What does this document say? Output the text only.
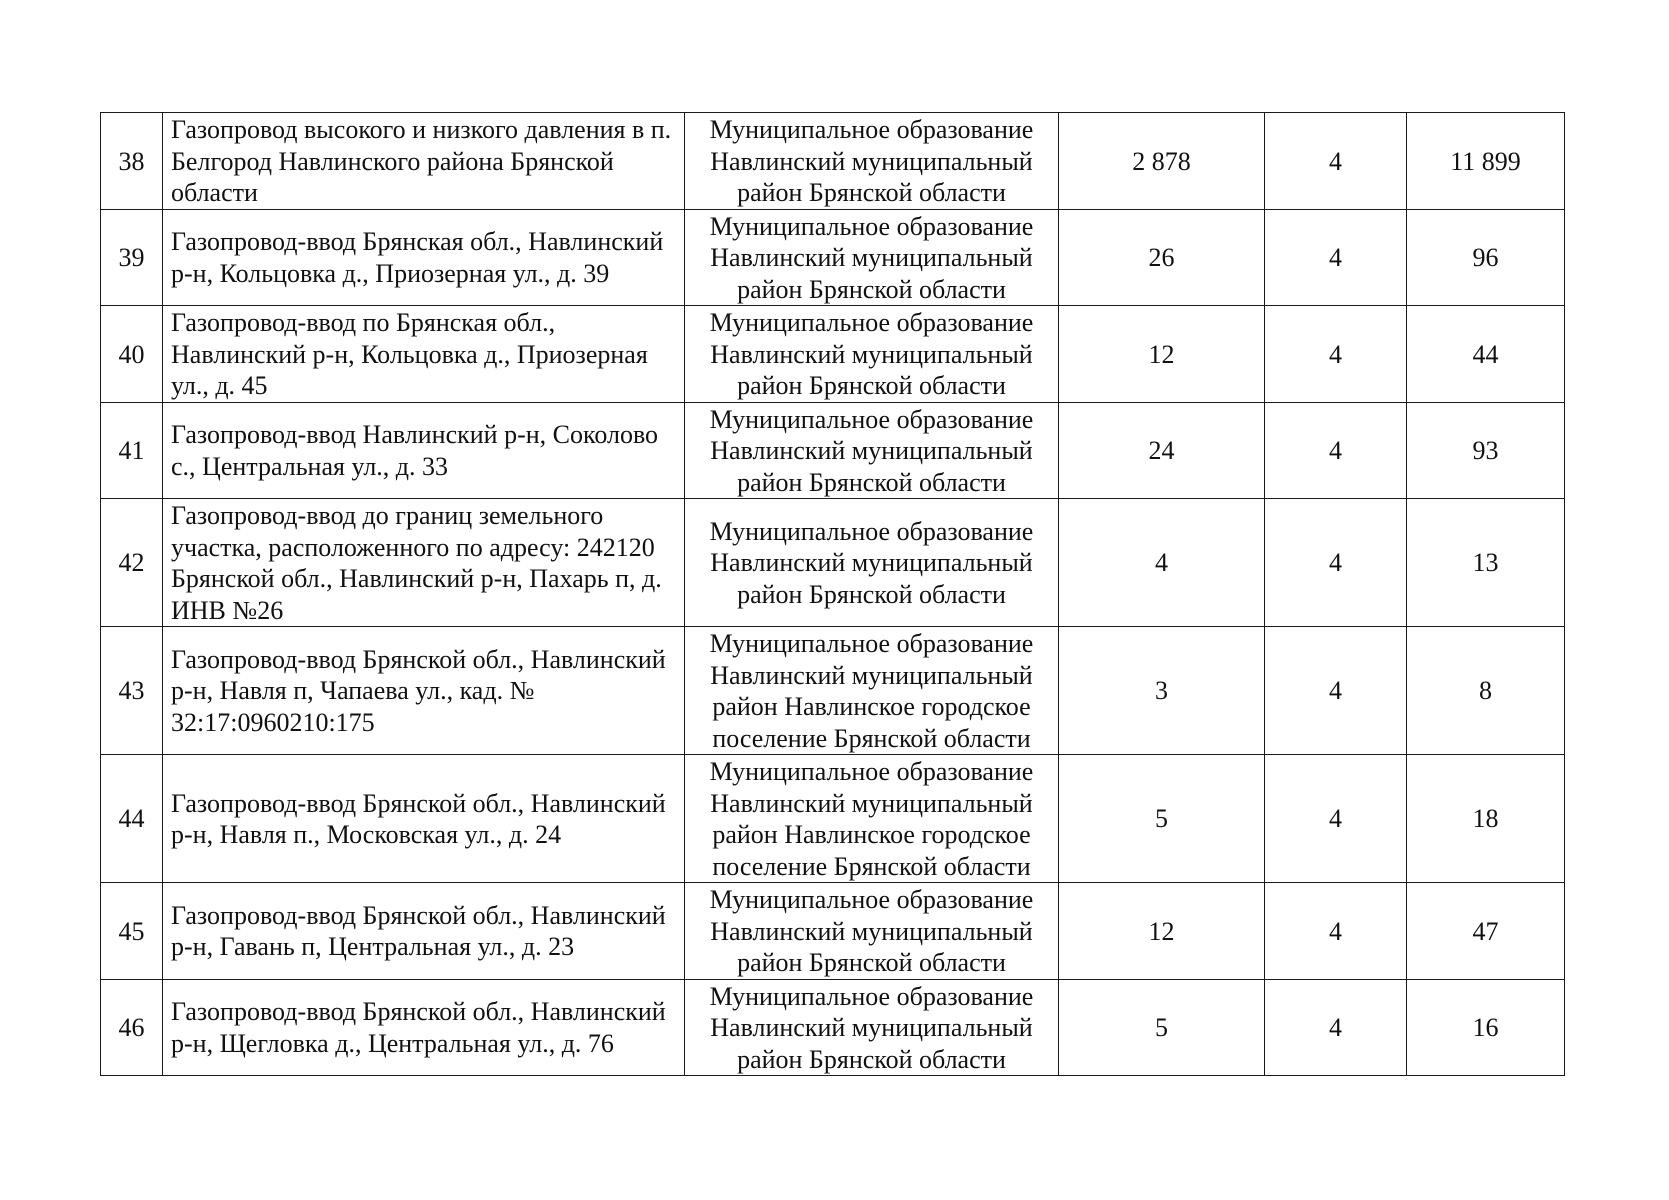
38	Газопровод высокого и низкого давления в п. Белгород Навлинского района Брянской области	Муниципальное образование Навлинский муниципальный район Брянской области	2 878	4	11 899
39	Газопровод-ввод Брянская обл., Навлинский р-н, Кольцовка д., Приозерная ул., д. 39	Муниципальное образование Навлинский муниципальный район Брянской области	26	4	96
40	Газопровод-ввод по Брянская обл., Навлинский р-н, Кольцовка д., Приозерная ул., д. 45	Муниципальное образование Навлинский муниципальный район Брянской области	12	4	44
41	Газопровод-ввод Навлинский р-н, Соколово с., Центральная ул., д. 33	Муниципальное образование Навлинский муниципальный район Брянской области	24	4	93
42	Газопровод-ввод до границ земельного участка, расположенного по адресу: 242120 Брянской обл., Навлинский р-н, Пахарь п, д. ИНВ №26	Муниципальное образование Навлинский муниципальный район Брянской области	4	4	13
43	Газопровод-ввод Брянской обл., Навлинский р-н, Навля п, Чапаева ул., кад. № 32:17:0960210:175	Муниципальное образование Навлинский муниципальный район Навлинское городское поселение Брянской области	3	4	8
44	Газопровод-ввод Брянской обл., Навлинский р-н, Навля п., Московская ул., д. 24	Муниципальное образование Навлинский муниципальный район Навлинское городское поселение Брянской области	5	4	18
45	Газопровод-ввод Брянской обл., Навлинский р-н, Гавань п, Центральная ул., д. 23	Муниципальное образование Навлинский муниципальный район Брянской области	12	4	47
46	Газопровод-ввод Брянской обл., Навлинский р-н, Щегловка д., Центральная ул., д. 76	Муниципальное образование Навлинский муниципальный район Брянской области	5	4	16
